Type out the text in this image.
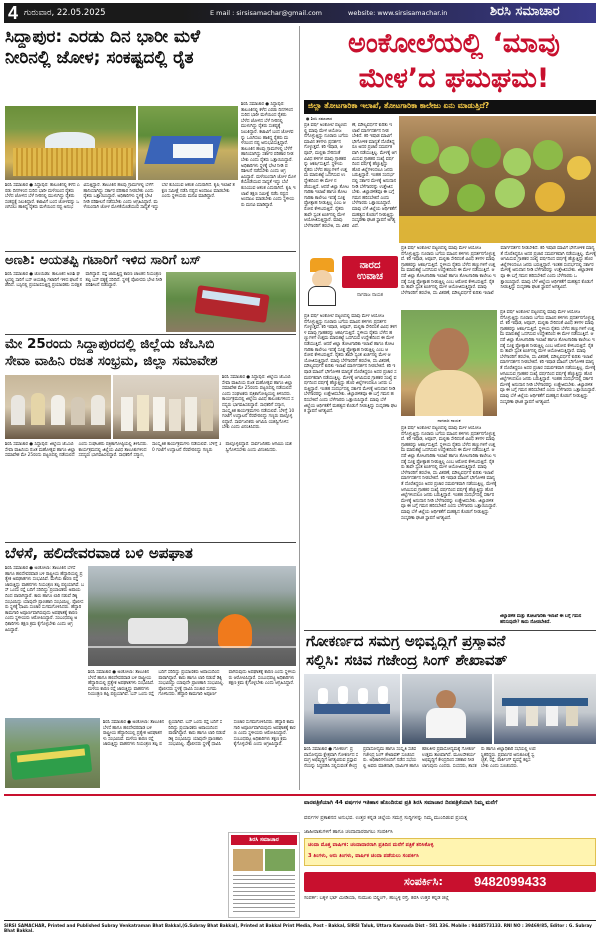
4 ಗುರುವಾರ, 22.05.2025	E mail : sirsisamachar@gmail.com	website: www.sirsisamachar.in	ಶಿರಸಿ ಸಮಾಚಾರ
ಸಿದ್ದಾಪುರ: ಎರಡು ದಿನ ಭಾರೀ ಮಳೆ
ನೀರಿನಲ್ಲಿ ಜೋಳ; ಸಂಕಷ್ಟದಲ್ಲಿ ರೈತ
ಶಿರಸಿ ಸಮಾಚಾರ ● ಸಿದ್ದಾಪುರ: ತಾಲೂಕಿನಲ್ಲಿ ಕಳೆದ ಎರಡು ದಿನಗಳಿಂದ ಸುರಿದ ಭಾರೀ ಮಳೆಯಿಂದ ರೈತರು ಬೆಳೆದ ಜೋಳದ ಬೆಳೆ ನೀರಿನಲ್ಲಿ ಮುಳುಗಿದ್ದು ರೈತರು ಸಂಕಷ್ಟಕ್ಕೆ ಸಿಲುಕಿದ್ದಾರೆ. ಕಟಾವಿಗೆ ಬಂದ ಜೋಳವನ್ನು ಒಣಗಿಸಲು ಹಾಕಿದ್ದ ರೈತರು ಮಳೆಯಿಂದ ನಷ್ಟ ಅನುಭವಿಸುತ್ತಿದ್ದಾರೆ. ತಾಲೂಕಿನ ಹಲವು ಗ್ರಾಮಗಳಲ್ಲಿ ಬೆಳೆಗೆ ಹಾನಿಯಾಗಿದ್ದು ಸರ್ಕಾರ ಪರಿಹಾರ ನೀಡಬೇಕು ಎಂದು ರೈತರು ಒತ್ತಾಯಿಸಿದ್ದಾರೆ. ಅಧಿಕಾರಿಗಳು ಸ್ಥಳಕ್ಕೆ ಭೇಟಿ ನೀಡಿ ಪರಿಶೀಲನೆ ನಡೆಸಬೇಕು ಎಂದು ಆಗ್ರಹಿಸಿದ್ದಾರೆ. ಮಳೆಯಿಂದಾಗಿ ಜೋಳ ಮೊಳಕೆಯೊಡೆಯುವ ಸಾಧ್ಯತೆ ಇದ್ದು ಬೆಲೆ ಕುಸಿಯುವ ಆತಂಕ ಎದುರಾಗಿದೆ. ಕೃಷಿ ಇಲಾಖೆ ತಕ್ಷಣ ಸಮೀಕ್ಷೆ ನಡೆಸಿ ನಷ್ಟದ ಅಂದಾಜು ಮಾಡಬೇಕು ಎಂದು ಸ್ಥಳೀಯರು ಮನವಿ ಮಾಡಿದ್ದಾರೆ.
ಶಿರಸಿ ಸಮಾಚಾರ ● ಸಿದ್ದಾಪುರ: ತಾಲೂಕಿನಲ್ಲಿ ಕಳೆದ ಎರಡು ದಿನಗಳಿಂದ ಸುರಿದ ಭಾರೀ ಮಳೆಯಿಂದ ರೈತರು ಬೆಳೆದ ಜೋಳದ ಬೆಳೆ ನೀರಿನಲ್ಲಿ ಮುಳುಗಿದ್ದು ರೈತರು ಸಂಕಷ್ಟಕ್ಕೆ ಸಿಲುಕಿದ್ದಾರೆ. ಕಟಾವಿಗೆ ಬಂದ ಜೋಳವನ್ನು ಒಣಗಿಸಲು ಹಾಕಿದ್ದ ರೈತರು ಮಳೆಯಿಂದ ನಷ್ಟ ಅನುಭವಿಸುತ್ತಿದ್ದಾರೆ. ತಾಲೂಕಿನ ಹಲವು ಗ್ರಾಮಗಳಲ್ಲಿ ಬೆಳೆಗೆ ಹಾನಿಯಾಗಿದ್ದು ಸರ್ಕಾರ ಪರಿಹಾರ ನೀಡಬೇಕು ಎಂದು ರೈತರು ಒತ್ತಾಯಿಸಿದ್ದಾರೆ. ಅಧಿಕಾರಿಗಳು ಸ್ಥಳಕ್ಕೆ ಭೇಟಿ ನೀಡಿ ಪರಿಶೀಲನೆ ನಡೆಸಬೇಕು ಎಂದು ಆಗ್ರಹಿಸಿದ್ದಾರೆ. ಮಳೆಯಿಂದಾಗಿ ಜೋಳ ಮೊಳಕೆಯೊಡೆಯುವ ಸಾಧ್ಯತೆ ಇದ್ದು ಬೆಲೆ ಕುಸಿಯುವ ಆತಂಕ ಎದುರಾಗಿದೆ. ಕೃಷಿ ಇಲಾಖೆ ತಕ್ಷಣ ಸಮೀಕ್ಷೆ ನಡೆಸಿ ನಷ್ಟದ ಅಂದಾಜು ಮಾಡಬೇಕು ಎಂದು ಸ್ಥಳೀಯರು ಮನವಿ ಮಾಡಿದ್ದಾರೆ.
ಅಣಶಿ: ಆಯತಪ್ಪಿ ಗಟಾರಿಗೆ ಇಳಿದ ಸಾರಿಗೆ ಬಸ್
ಶಿರಸಿ ಸಮಾಚಾರ ● ಜೊಯಿಡಾ: ತಾಲೂಕಿನ ಅಣಶಿ ಘಟ್ಟದಲ್ಲಿ ಸಾರಿಗೆ ಬಸ್ ಆಯತಪ್ಪಿ ಗಟಾರಿಗೆ ಇಳಿದ ಘಟನೆ ನಡೆದಿದೆ. ಬಸ್ಸಿನಲ್ಲಿ ಪ್ರಯಾಣಿಸುತ್ತಿದ್ದ ಪ್ರಯಾಣಿಕರು ಸುರಕ್ಷಿತವಾಗಿದ್ದಾರೆ. ರಸ್ತೆ ಜಾರುತ್ತಿದ್ದ ಕಾರಣ ಚಾಲಕನ ನಿಯಂತ್ರಣ ತಪ್ಪಿ ಬಸ್ ಪಕ್ಕಕ್ಕೆ ಸರಿದಿದೆ. ಸ್ಥಳಕ್ಕೆ ಪೊಲೀಸರು ಭೇಟಿ ನೀಡಿ ಪರಿಶೀಲನೆ ನಡೆಸಿದ್ದಾರೆ.
ಮೇ 25ರಂದು ಸಿದ್ದಾಪುರದಲ್ಲಿ ಜಿಲ್ಲೆಯ ಜೆಒಸಿಬಿ
ಸೇವಾ ವಾಹಿನಿ ರಜತ ಸಂಭ್ರಮ, ಜಿಲ್ಲಾ ಸಮಾವೇಶ
ಶಿರಸಿ ಸಮಾಚಾರ ● ಸಿದ್ದಾಪುರ: ಜಿಲ್ಲೆಯ ಜೆಒಸಿಬಿ ಸೇವಾ ವಾಹಿನಿಯ ರಜತ ಮಹೋತ್ಸವ ಹಾಗೂ ಜಿಲ್ಲಾ ಸಮಾವೇಶ ಮೇ 25ರಂದು ಪಟ್ಟಣದಲ್ಲಿ ನಡೆಯಲಿದೆ ಎಂದು ಸಂಘಟಕರು ಪತ್ರಿಕಾಗೋಷ್ಠಿಯಲ್ಲಿ ತಿಳಿಸಿದರು. ಕಾರ್ಯಕ್ರಮದಲ್ಲಿ ಜಿಲ್ಲೆಯ ವಿವಿಧ ತಾಲೂಕುಗಳಿಂದ ಸದಸ್ಯರು ಭಾಗವಹಿಸಲಿದ್ದಾರೆ. ಸಾಧಕರಿಗೆ ಸನ್ಮಾನ, ಸಾಂಸ್ಕೃತಿಕ ಕಾರ್ಯಕ್ರಮಗಳು ನಡೆಯಲಿವೆ. ಬೆಳಿಗ್ಗೆ 10 ಗಂಟೆಗೆ ಉದ್ಘಾಟನೆ ನೆರವೇರಲಿದ್ದು ಗಣ್ಯರು ಪಾಲ್ಗೊಳ್ಳಲಿದ್ದಾರೆ. ಸಾರ್ವಜನಿಕರು ಆಗಮಿಸಿ ಯಶಸ್ವಿಗೊಳಿಸಬೇಕು ಎಂದು ವಿನಂತಿಸಿದರು.
ಶಿರಸಿ ಸಮಾಚಾರ ● ಸಿದ್ದಾಪುರ: ಜಿಲ್ಲೆಯ ಜೆಒಸಿಬಿ ಸೇವಾ ವಾಹಿನಿಯ ರಜತ ಮಹೋತ್ಸವ ಹಾಗೂ ಜಿಲ್ಲಾ ಸಮಾವೇಶ ಮೇ 25ರಂದು ಪಟ್ಟಣದಲ್ಲಿ ನಡೆಯಲಿದೆ ಎಂದು ಸಂಘಟಕರು ಪತ್ರಿಕಾಗೋಷ್ಠಿಯಲ್ಲಿ ತಿಳಿಸಿದರು. ಕಾರ್ಯಕ್ರಮದಲ್ಲಿ ಜಿಲ್ಲೆಯ ವಿವಿಧ ತಾಲೂಕುಗಳಿಂದ ಸದಸ್ಯರು ಭಾಗವಹಿಸಲಿದ್ದಾರೆ. ಸಾಧಕರಿಗೆ ಸನ್ಮಾನ, ಸಾಂಸ್ಕೃತಿಕ ಕಾರ್ಯಕ್ರಮಗಳು ನಡೆಯಲಿವೆ. ಬೆಳಿಗ್ಗೆ 10 ಗಂಟೆಗೆ ಉದ್ಘಾಟನೆ ನೆರವೇರಲಿದ್ದು ಗಣ್ಯರು ಪಾಲ್ಗೊಳ್ಳಲಿದ್ದಾರೆ. ಸಾರ್ವಜನಿಕರು ಆಗಮಿಸಿ ಯಶಸ್ವಿಗೊಳಿಸಬೇಕು ಎಂದು ವಿನಂತಿಸಿದರು.
ಬೆಳಸೆ, ಹಲಿದೇವರವಾಡ ಬಳಿ ಅಪಘಾತ
ಶಿರಸಿ ಸಮಾಚಾರ ● ಅಂಕೋಲಾ: ತಾಲೂಕಿನ ಬೆಳಸೆ ಹಾಗೂ ಹಲಿದೇವರವಾಡ ಬಳಿ ರಾಷ್ಟ್ರೀಯ ಹೆದ್ದಾರಿಯಲ್ಲಿ ಪ್ರತ್ಯೇಕ ಅಪಘಾತಗಳು ಸಂಭವಿಸಿವೆ. ಮಳೆಯ ಕಾರಣ ರಸ್ತೆ ಜಾರುತ್ತಿದ್ದು ವಾಹನಗಳು ನಿಯಂತ್ರಣ ತಪ್ಪಿ ಪಲ್ಟಿಯಾಗಿವೆ. ಬಸ್ ಒಂದು ರಸ್ತೆ ಬದಿಗೆ ಸರಿದಿದ್ದು ಪ್ರಯಾಣಿಕರು ಅಪಾಯದಿಂದ ಪಾರಾಗಿದ್ದಾರೆ. ಕಾರು ಹಾಗೂ ಲಾರಿ ನಡುವೆ ಡಿಕ್ಕಿ ಸಂಭವಿಸಿದ್ದು ಯಾವುದೇ ಪ್ರಾಣಹಾನಿ ಸಂಭವಿಸಿಲ್ಲ. ಪೊಲೀಸರು ಸ್ಥಳಕ್ಕೆ ಧಾವಿಸಿ ಸಂಚಾರ ಸುಗಮಗೊಳಿಸಿದರು. ಹೆದ್ದಾರಿ ಕಾಮಗಾರಿ ಅಪೂರ್ಣವಾಗಿರುವುದು ಅಪಘಾತಕ್ಕೆ ಕಾರಣ ಎಂದು ಸ್ಥಳೀಯರು ಆರೋಪಿಸಿದ್ದಾರೆ. ಸಂಬಂಧಪಟ್ಟ ಅಧಿಕಾರಿಗಳು ತಕ್ಷಣ ಕ್ರಮ ಕೈಗೊಳ್ಳಬೇಕು ಎಂದು ಆಗ್ರಹಿಸಿದ್ದಾರೆ.
ಶಿರಸಿ ಸಮಾಚಾರ ● ಅಂಕೋಲಾ: ತಾಲೂಕಿನ ಬೆಳಸೆ ಹಾಗೂ ಹಲಿದೇವರವಾಡ ಬಳಿ ರಾಷ್ಟ್ರೀಯ ಹೆದ್ದಾರಿಯಲ್ಲಿ ಪ್ರತ್ಯೇಕ ಅಪಘಾತಗಳು ಸಂಭವಿಸಿವೆ. ಮಳೆಯ ಕಾರಣ ರಸ್ತೆ ಜಾರುತ್ತಿದ್ದು ವಾಹನಗಳು ನಿಯಂತ್ರಣ ತಪ್ಪಿ ಪಲ್ಟಿಯಾಗಿವೆ. ಬಸ್ ಒಂದು ರಸ್ತೆ ಬದಿಗೆ ಸರಿದಿದ್ದು ಪ್ರಯಾಣಿಕರು ಅಪಾಯದಿಂದ ಪಾರಾಗಿದ್ದಾರೆ. ಕಾರು ಹಾಗೂ ಲಾರಿ ನಡುವೆ ಡಿಕ್ಕಿ ಸಂಭವಿಸಿದ್ದು ಯಾವುದೇ ಪ್ರಾಣಹಾನಿ ಸಂಭವಿಸಿಲ್ಲ. ಪೊಲೀಸರು ಸ್ಥಳಕ್ಕೆ ಧಾವಿಸಿ ಸಂಚಾರ ಸುಗಮಗೊಳಿಸಿದರು. ಹೆದ್ದಾರಿ ಕಾಮಗಾರಿ ಅಪೂರ್ಣವಾಗಿರುವುದು ಅಪಘಾತಕ್ಕೆ ಕಾರಣ ಎಂದು ಸ್ಥಳೀಯರು ಆರೋಪಿಸಿದ್ದಾರೆ. ಸಂಬಂಧಪಟ್ಟ ಅಧಿಕಾರಿಗಳು ತಕ್ಷಣ ಕ್ರಮ ಕೈಗೊಳ್ಳಬೇಕು ಎಂದು ಆಗ್ರಹಿಸಿದ್ದಾರೆ.
ಶಿರಸಿ ಸಮಾಚಾರ ● ಅಂಕೋಲಾ: ತಾಲೂಕಿನ ಬೆಳಸೆ ಹಾಗೂ ಹಲಿದೇವರವಾಡ ಬಳಿ ರಾಷ್ಟ್ರೀಯ ಹೆದ್ದಾರಿಯಲ್ಲಿ ಪ್ರತ್ಯೇಕ ಅಪಘಾತಗಳು ಸಂಭವಿಸಿವೆ. ಮಳೆಯ ಕಾರಣ ರಸ್ತೆ ಜಾರುತ್ತಿದ್ದು ವಾಹನಗಳು ನಿಯಂತ್ರಣ ತಪ್ಪಿ ಪಲ್ಟಿಯಾಗಿವೆ. ಬಸ್ ಒಂದು ರಸ್ತೆ ಬದಿಗೆ ಸರಿದಿದ್ದು ಪ್ರಯಾಣಿಕರು ಅಪಾಯದಿಂದ ಪಾರಾಗಿದ್ದಾರೆ. ಕಾರು ಹಾಗೂ ಲಾರಿ ನಡುವೆ ಡಿಕ್ಕಿ ಸಂಭವಿಸಿದ್ದು ಯಾವುದೇ ಪ್ರಾಣಹಾನಿ ಸಂಭವಿಸಿಲ್ಲ. ಪೊಲೀಸರು ಸ್ಥಳಕ್ಕೆ ಧಾವಿಸಿ ಸಂಚಾರ ಸುಗಮಗೊಳಿಸಿದರು. ಹೆದ್ದಾರಿ ಕಾಮಗಾರಿ ಅಪೂರ್ಣವಾಗಿರುವುದು ಅಪಘಾತಕ್ಕೆ ಕಾರಣ ಎಂದು ಸ್ಥಳೀಯರು ಆರೋಪಿಸಿದ್ದಾರೆ. ಸಂಬಂಧಪಟ್ಟ ಅಧಿಕಾರಿಗಳು ತಕ್ಷಣ ಕ್ರಮ ಕೈಗೊಳ್ಳಬೇಕು ಎಂದು ಆಗ್ರಹಿಸಿದ್ದಾರೆ.
ಅಂಕೋಲೆಯಲ್ಲಿ ‘ಮಾವು
ಮೇಳ’ದ ಘಮಘಮ!
ಜಿಲ್ಲಾ ತೋಟಗಾರಿಕಾ ಇಲಾಖೆ, ತೋಟಗಾರಿಕಾ ಕಾಲೇಜು ಏನು ಮಾಡುತ್ತಿದೆ?
● ಶಿರಸಿ ಸಮಾಚಾರ
ಪ್ರತಿ ವರ್ಷ ಅಂಕೋಲೆ ಪಟ್ಟಣದಲ್ಲಿ ಮಾವು ಮೇಳ ಆಯೋಜನೆಗೊಳ್ಳುತ್ತಿದ್ದು ನೂರಾರು ಬಗೆಯ ಮಾವಿನ ತಳಿಗಳು ಪ್ರದರ್ಶನಗೊಳ್ಳುತ್ತವೆ. ಕರಿ ಇಷಾಡ, ಆಪೂಸ್, ಮಲ್ಲಿಕಾ ಸೇರಿದಂತೆ ವಿವಿಧ ತಳಿಗಳ ಮಾವು ಗ್ರಾಹಕರನ್ನು ಆಕರ್ಷಿಸುತ್ತಿದೆ. ಸ್ಥಳೀಯ ರೈತರು ಬೆಳೆದ ಹಣ್ಣುಗಳಿಗೆ ಉತ್ತಮ ಮಾರುಕಟ್ಟೆ ಒದಗಿಸುವ ಉದ್ದೇಶದಿಂದ ಈ ಮೇಳ ನಡೆಯುತ್ತಿದೆ. ಆದರೆ ಜಿಲ್ಲಾ ತೋಟಗಾರಿಕಾ ಇಲಾಖೆ ಹಾಗೂ ತೋಟಗಾರಿಕಾ ಕಾಲೇಜು ಇದಕ್ಕೆ ಸೂಕ್ತ ಪ್ರೋತ್ಸಾಹ ನೀಡುತ್ತಿಲ್ಲ ಎಂಬ ಆರೋಪ ಕೇಳಿಬರುತ್ತಿದೆ. ರೈತರು ತಾವೇ ಸ್ವಂತ ಖರ್ಚಿನಲ್ಲಿ ಮೇಳ ಆಯೋಜಿಸುತ್ತಿದ್ದಾರೆ. ಮಾವು ಬೆಳೆಗಾರರಿಗೆ ತರಬೇತಿ, ಸಸಿ ವಿತರಣೆ, ಮೌಲ್ಯವರ್ಧನೆ ಕುರಿತು ಇಲಾಖೆ ಮಾರ್ಗದರ್ಶನ ನೀಡಬೇಕಿದೆ. ಕರಿ ಇಷಾಡ ಮಾವಿಗೆ ಭೌಗೋಳಿಕ ಮಾನ್ಯತೆ ದೊರೆತಿದ್ದರೂ ಅದರ ಪ್ರಚಾರ ಸಮರ್ಪಕವಾಗಿ ನಡೆಯುತ್ತಿಲ್ಲ. ಮೇಳಕ್ಕೆ ಆಗಮಿಸುವ ಗ್ರಾಹಕರ ಸಂಖ್ಯೆ ವರ್ಷದಿಂದ ವರ್ಷಕ್ಕೆ ಹೆಚ್ಚುತ್ತಿದ್ದು ಹೊರ ಜಿಲ್ಲೆಗಳಿಂದಲೂ ಜನರು ಬರುತ್ತಿದ್ದಾರೆ. ಇಂತಹ ಸಂದರ್ಭದಲ್ಲಿ ಸರ್ಕಾರ ಮೇಳಕ್ಕೆ ಅನುದಾನ ನೀಡಿ ಬೆಳೆಗಾರರನ್ನು ಉತ್ತೇಜಿಸಬೇಕು. ಜಿಲ್ಲಾಡಳಿತವೂ ಈ ಬಗ್ಗೆ ಗಮನ ಹರಿಸಬೇಕಿದೆ ಎಂದು ಬೆಳೆಗಾರರು ಒತ್ತಾಯಿಸಿದ್ದಾರೆ. ಮಾವು ಬೆಳೆ ಜಿಲ್ಲೆಯ ಆರ್ಥಿಕತೆಗೆ ಮಹತ್ವದ ಕೊಡುಗೆ ನೀಡುತ್ತಿದ್ದು ಸಂಸ್ಕರಣಾ ಘಟಕ ಸ್ಥಾಪನೆ ಅಗತ್ಯವಿದೆ.
ನಾರದ ಉವಾಚ
ನಾಗರಾಜ ನಾಯಕ
ಪ್ರತಿ ವರ್ಷ ಅಂಕೋಲೆ ಪಟ್ಟಣದಲ್ಲಿ ಮಾವು ಮೇಳ ಆಯೋಜನೆಗೊಳ್ಳುತ್ತಿದ್ದು ನೂರಾರು ಬಗೆಯ ಮಾವಿನ ತಳಿಗಳು ಪ್ರದರ್ಶನಗೊಳ್ಳುತ್ತವೆ. ಕರಿ ಇಷಾಡ, ಆಪೂಸ್, ಮಲ್ಲಿಕಾ ಸೇರಿದಂತೆ ವಿವಿಧ ತಳಿಗಳ ಮಾವು ಗ್ರಾಹಕರನ್ನು ಆಕರ್ಷಿಸುತ್ತಿದೆ. ಸ್ಥಳೀಯ ರೈತರು ಬೆಳೆದ ಹಣ್ಣುಗಳಿಗೆ ಉತ್ತಮ ಮಾರುಕಟ್ಟೆ ಒದಗಿಸುವ ಉದ್ದೇಶದಿಂದ ಈ ಮೇಳ ನಡೆಯುತ್ತಿದೆ. ಆದರೆ ಜಿಲ್ಲಾ ತೋಟಗಾರಿಕಾ ಇಲಾಖೆ ಹಾಗೂ ತೋಟಗಾರಿಕಾ ಕಾಲೇಜು ಇದಕ್ಕೆ ಸೂಕ್ತ ಪ್ರೋತ್ಸಾಹ ನೀಡುತ್ತಿಲ್ಲ ಎಂಬ ಆರೋಪ ಕೇಳಿಬರುತ್ತಿದೆ. ರೈತರು ತಾವೇ ಸ್ವಂತ ಖರ್ಚಿನಲ್ಲಿ ಮೇಳ ಆಯೋಜಿಸುತ್ತಿದ್ದಾರೆ. ಮಾವು ಬೆಳೆಗಾರರಿಗೆ ತರಬೇತಿ, ಸಸಿ ವಿತರಣೆ, ಮೌಲ್ಯವರ್ಧನೆ ಕುರಿತು ಇಲಾಖೆ ಮಾರ್ಗದರ್ಶನ ನೀಡಬೇಕಿದೆ. ಕರಿ ಇಷಾಡ ಮಾವಿಗೆ ಭೌಗೋಳಿಕ ಮಾನ್ಯತೆ ದೊರೆತಿದ್ದರೂ ಅದರ ಪ್ರಚಾರ ಸಮರ್ಪಕವಾಗಿ ನಡೆಯುತ್ತಿಲ್ಲ. ಮೇಳಕ್ಕೆ ಆಗಮಿಸುವ ಗ್ರಾಹಕರ ಸಂಖ್ಯೆ ವರ್ಷದಿಂದ ವರ್ಷಕ್ಕೆ ಹೆಚ್ಚುತ್ತಿದ್ದು ಹೊರ ಜಿಲ್ಲೆಗಳಿಂದಲೂ ಜನರು ಬರುತ್ತಿದ್ದಾರೆ. ಇಂತಹ ಸಂದರ್ಭದಲ್ಲಿ ಸರ್ಕಾರ ಮೇಳಕ್ಕೆ ಅನುದಾನ ನೀಡಿ ಬೆಳೆಗಾರರನ್ನು ಉತ್ತೇಜಿಸಬೇಕು. ಜಿಲ್ಲಾಡಳಿತವೂ ಈ ಬಗ್ಗೆ ಗಮನ ಹರಿಸಬೇಕಿದೆ ಎಂದು ಬೆಳೆಗಾರರು ಒತ್ತಾಯಿಸಿದ್ದಾರೆ. ಮಾವು ಬೆಳೆ ಜಿಲ್ಲೆಯ ಆರ್ಥಿಕತೆಗೆ ಮಹತ್ವದ ಕೊಡುಗೆ ನೀಡುತ್ತಿದ್ದು ಸಂಸ್ಕರಣಾ ಘಟಕ ಸ್ಥಾಪನೆ ಅಗತ್ಯವಿದೆ.
ಪ್ರತಿ ವರ್ಷ ಅಂಕೋಲೆ ಪಟ್ಟಣದಲ್ಲಿ ಮಾವು ಮೇಳ ಆಯೋಜನೆಗೊಳ್ಳುತ್ತಿದ್ದು ನೂರಾರು ಬಗೆಯ ಮಾವಿನ ತಳಿಗಳು ಪ್ರದರ್ಶನಗೊಳ್ಳುತ್ತವೆ. ಕರಿ ಇಷಾಡ, ಆಪೂಸ್, ಮಲ್ಲಿಕಾ ಸೇರಿದಂತೆ ವಿವಿಧ ತಳಿಗಳ ಮಾವು ಗ್ರಾಹಕರನ್ನು ಆಕರ್ಷಿಸುತ್ತಿದೆ. ಸ್ಥಳೀಯ ರೈತರು ಬೆಳೆದ ಹಣ್ಣುಗಳಿಗೆ ಉತ್ತಮ ಮಾರುಕಟ್ಟೆ ಒದಗಿಸುವ ಉದ್ದೇಶದಿಂದ ಈ ಮೇಳ ನಡೆಯುತ್ತಿದೆ. ಆದರೆ ಜಿಲ್ಲಾ ತೋಟಗಾರಿಕಾ ಇಲಾಖೆ ಹಾಗೂ ತೋಟಗಾರಿಕಾ ಕಾಲೇಜು ಇದಕ್ಕೆ ಸೂಕ್ತ ಪ್ರೋತ್ಸಾಹ ನೀಡುತ್ತಿಲ್ಲ ಎಂಬ ಆರೋಪ ಕೇಳಿಬರುತ್ತಿದೆ. ರೈತರು ತಾವೇ ಸ್ವಂತ ಖರ್ಚಿನಲ್ಲಿ ಮೇಳ ಆಯೋಜಿಸುತ್ತಿದ್ದಾರೆ. ಮಾವು ಬೆಳೆಗಾರರಿಗೆ ತರಬೇತಿ, ಸಸಿ ವಿತರಣೆ, ಮೌಲ್ಯವರ್ಧನೆ ಕುರಿತು ಇಲಾಖೆ ಮಾರ್ಗದರ್ಶನ ನೀಡಬೇಕಿದೆ. ಕರಿ ಇಷಾಡ ಮಾವಿಗೆ ಭೌಗೋಳಿಕ ಮಾನ್ಯತೆ ದೊರೆತಿದ್ದರೂ ಅದರ ಪ್ರಚಾರ ಸಮರ್ಪಕವಾಗಿ ನಡೆಯುತ್ತಿಲ್ಲ. ಮೇಳಕ್ಕೆ ಆಗಮಿಸುವ ಗ್ರಾಹಕರ ಸಂಖ್ಯೆ ವರ್ಷದಿಂದ ವರ್ಷಕ್ಕೆ ಹೆಚ್ಚುತ್ತಿದ್ದು ಹೊರ ಜಿಲ್ಲೆಗಳಿಂದಲೂ ಜನರು ಬರುತ್ತಿದ್ದಾರೆ. ಇಂತಹ ಸಂದರ್ಭದಲ್ಲಿ ಸರ್ಕಾರ ಮೇಳಕ್ಕೆ ಅನುದಾನ ನೀಡಿ ಬೆಳೆಗಾರರನ್ನು ಉತ್ತೇಜಿಸಬೇಕು. ಜಿಲ್ಲಾಡಳಿತವೂ ಈ ಬಗ್ಗೆ ಗಮನ ಹರಿಸಬೇಕಿದೆ ಎಂದು ಬೆಳೆಗಾರರು ಒತ್ತಾಯಿಸಿದ್ದಾರೆ. ಮಾವು ಬೆಳೆ ಜಿಲ್ಲೆಯ ಆರ್ಥಿಕತೆಗೆ ಮಹತ್ವದ ಕೊಡುಗೆ ನೀಡುತ್ತಿದ್ದು ಸಂಸ್ಕರಣಾ ಘಟಕ ಸ್ಥಾಪನೆ ಅಗತ್ಯವಿದೆ.
ನಾಗರಾಜ ನಾಯಕ
ಪ್ರತಿ ವರ್ಷ ಅಂಕೋಲೆ ಪಟ್ಟಣದಲ್ಲಿ ಮಾವು ಮೇಳ ಆಯೋಜನೆಗೊಳ್ಳುತ್ತಿದ್ದು ನೂರಾರು ಬಗೆಯ ಮಾವಿನ ತಳಿಗಳು ಪ್ರದರ್ಶನಗೊಳ್ಳುತ್ತವೆ. ಕರಿ ಇಷಾಡ, ಆಪೂಸ್, ಮಲ್ಲಿಕಾ ಸೇರಿದಂತೆ ವಿವಿಧ ತಳಿಗಳ ಮಾವು ಗ್ರಾಹಕರನ್ನು ಆಕರ್ಷಿಸುತ್ತಿದೆ. ಸ್ಥಳೀಯ ರೈತರು ಬೆಳೆದ ಹಣ್ಣುಗಳಿಗೆ ಉತ್ತಮ ಮಾರುಕಟ್ಟೆ ಒದಗಿಸುವ ಉದ್ದೇಶದಿಂದ ಈ ಮೇಳ ನಡೆಯುತ್ತಿದೆ. ಆದರೆ ಜಿಲ್ಲಾ ತೋಟಗಾರಿಕಾ ಇಲಾಖೆ ಹಾಗೂ ತೋಟಗಾರಿಕಾ ಕಾಲೇಜು ಇದಕ್ಕೆ ಸೂಕ್ತ ಪ್ರೋತ್ಸಾಹ ನೀಡುತ್ತಿಲ್ಲ ಎಂಬ ಆರೋಪ ಕೇಳಿಬರುತ್ತಿದೆ. ರೈತರು ತಾವೇ ಸ್ವಂತ ಖರ್ಚಿನಲ್ಲಿ ಮೇಳ ಆಯೋಜಿಸುತ್ತಿದ್ದಾರೆ. ಮಾವು ಬೆಳೆಗಾರರಿಗೆ ತರಬೇತಿ, ಸಸಿ ವಿತರಣೆ, ಮೌಲ್ಯವರ್ಧನೆ ಕುರಿತು ಇಲಾಖೆ ಮಾರ್ಗದರ್ಶನ ನೀಡಬೇಕಿದೆ. ಕರಿ ಇಷಾಡ ಮಾವಿಗೆ ಭೌಗೋಳಿಕ ಮಾನ್ಯತೆ ದೊರೆತಿದ್ದರೂ ಅದರ ಪ್ರಚಾರ ಸಮರ್ಪಕವಾಗಿ ನಡೆಯುತ್ತಿಲ್ಲ. ಮೇಳಕ್ಕೆ ಆಗಮಿಸುವ ಗ್ರಾಹಕರ ಸಂಖ್ಯೆ ವರ್ಷದಿಂದ ವರ್ಷಕ್ಕೆ ಹೆಚ್ಚುತ್ತಿದ್ದು ಹೊರ ಜಿಲ್ಲೆಗಳಿಂದಲೂ ಜನರು ಬರುತ್ತಿದ್ದಾರೆ. ಇಂತಹ ಸಂದರ್ಭದಲ್ಲಿ ಸರ್ಕಾರ ಮೇಳಕ್ಕೆ ಅನುದಾನ ನೀಡಿ ಬೆಳೆಗಾರರನ್ನು ಉತ್ತೇಜಿಸಬೇಕು. ಜಿಲ್ಲಾಡಳಿತವೂ ಈ ಬಗ್ಗೆ ಗಮನ ಹರಿಸಬೇಕಿದೆ ಎಂದು ಬೆಳೆಗಾರರು ಒತ್ತಾಯಿಸಿದ್ದಾರೆ. ಮಾವು ಬೆಳೆ ಜಿಲ್ಲೆಯ ಆರ್ಥಿಕತೆಗೆ ಮಹತ್ವದ ಕೊಡುಗೆ ನೀಡುತ್ತಿದ್ದು ಸಂಸ್ಕರಣಾ ಘಟಕ ಸ್ಥಾಪನೆ ಅಗತ್ಯವಿದೆ.
ಪ್ರತಿ ವರ್ಷ ಅಂಕೋಲೆ ಪಟ್ಟಣದಲ್ಲಿ ಮಾವು ಮೇಳ ಆಯೋಜನೆಗೊಳ್ಳುತ್ತಿದ್ದು ನೂರಾರು ಬಗೆಯ ಮಾವಿನ ತಳಿಗಳು ಪ್ರದರ್ಶನಗೊಳ್ಳುತ್ತವೆ. ಕರಿ ಇಷಾಡ, ಆಪೂಸ್, ಮಲ್ಲಿಕಾ ಸೇರಿದಂತೆ ವಿವಿಧ ತಳಿಗಳ ಮಾವು ಗ್ರಾಹಕರನ್ನು ಆಕರ್ಷಿಸುತ್ತಿದೆ. ಸ್ಥಳೀಯ ರೈತರು ಬೆಳೆದ ಹಣ್ಣುಗಳಿಗೆ ಉತ್ತಮ ಮಾರುಕಟ್ಟೆ ಒದಗಿಸುವ ಉದ್ದೇಶದಿಂದ ಈ ಮೇಳ ನಡೆಯುತ್ತಿದೆ. ಆದರೆ ಜಿಲ್ಲಾ ತೋಟಗಾರಿಕಾ ಇಲಾಖೆ ಹಾಗೂ ತೋಟಗಾರಿಕಾ ಕಾಲೇಜು ಇದಕ್ಕೆ ಸೂಕ್ತ ಪ್ರೋತ್ಸಾಹ ನೀಡುತ್ತಿಲ್ಲ ಎಂಬ ಆರೋಪ ಕೇಳಿಬರುತ್ತಿದೆ. ರೈತರು ತಾವೇ ಸ್ವಂತ ಖರ್ಚಿನಲ್ಲಿ ಮೇಳ ಆಯೋಜಿಸುತ್ತಿದ್ದಾರೆ. ಮಾವು ಬೆಳೆಗಾರರಿಗೆ ತರಬೇತಿ, ಸಸಿ ವಿತರಣೆ, ಮೌಲ್ಯವರ್ಧನೆ ಕುರಿತು ಇಲಾಖೆ ಮಾರ್ಗದರ್ಶನ ನೀಡಬೇಕಿದೆ. ಕರಿ ಇಷಾಡ ಮಾವಿಗೆ ಭೌಗೋಳಿಕ ಮಾನ್ಯತೆ ದೊರೆತಿದ್ದರೂ ಅದರ ಪ್ರಚಾರ ಸಮರ್ಪಕವಾಗಿ ನಡೆಯುತ್ತಿಲ್ಲ. ಮೇಳಕ್ಕೆ ಆಗಮಿಸುವ ಗ್ರಾಹಕರ ಸಂಖ್ಯೆ ವರ್ಷದಿಂದ ವರ್ಷಕ್ಕೆ ಹೆಚ್ಚುತ್ತಿದ್ದು ಹೊರ ಜಿಲ್ಲೆಗಳಿಂದಲೂ ಜನರು ಬರುತ್ತಿದ್ದಾರೆ. ಇಂತಹ ಸಂದರ್ಭದಲ್ಲಿ ಸರ್ಕಾರ ಮೇಳಕ್ಕೆ ಅನುದಾನ ನೀಡಿ ಬೆಳೆಗಾರರನ್ನು ಉತ್ತೇಜಿಸಬೇಕು. ಜಿಲ್ಲಾಡಳಿತವೂ ಈ ಬಗ್ಗೆ ಗಮನ ಹರಿಸಬೇಕಿದೆ ಎಂದು ಬೆಳೆಗಾರರು ಒತ್ತಾಯಿಸಿದ್ದಾರೆ. ಮಾವು ಬೆಳೆ ಜಿಲ್ಲೆಯ ಆರ್ಥಿಕತೆಗೆ ಮಹತ್ವದ ಕೊಡುಗೆ ನೀಡುತ್ತಿದ್ದು ಸಂಸ್ಕರಣಾ ಘಟಕ ಸ್ಥಾಪನೆ ಅಗತ್ಯವಿದೆ.
ಜಿಲ್ಲಾಡಳಿತ ಮತ್ತು ತೋಟಗಾರಿಕಾ ಇಲಾಖೆ ಈ ಬಗ್ಗೆ ಗಮನ ಹರಿಸುವುದೇ? ಕಾದು ನೋಡಬೇಕಿದೆ.
ಗೋಕರ್ಣದ ಸಮಗ್ರ ಅಭಿವೃದ್ಧಿಗೆ ಪ್ರಸ್ತಾವನೆ
ಸಲ್ಲಿಸಿ: ಸಚಿವ ಗಜೇಂದ್ರ ಸಿಂಗ್ ಶೇಖಾವತ್
ಶಿರಸಿ ಸಮಾಚಾರ ● ಗೋಕರ್ಣ: ಪ್ರವಾಸೋದ್ಯಮ ಕ್ಷೇತ್ರವಾಗಿ ಗೋಕರ್ಣದ ಸಮಗ್ರ ಅಭಿವೃದ್ಧಿಗೆ ಅಗತ್ಯವಿರುವ ಪ್ರಸ್ತಾವನೆಯನ್ನು ಸಿದ್ಧಪಡಿಸಿ ಸಲ್ಲಿಸುವಂತೆ ಕೇಂದ್ರ ಪ್ರವಾಸೋದ್ಯಮ ಹಾಗೂ ಸಂಸ್ಕೃತಿ ಸಚಿವ ಗಜೇಂದ್ರ ಸಿಂಗ್ ಶೇಖಾವತ್ ಸೂಚಿಸಿದರು. ಅಧಿಕಾರಿಗಳೊಂದಿಗೆ ನಡೆದ ಸಭೆಯಲ್ಲಿ ಅವರು ಮಾತನಾಡಿ, ಧಾರ್ಮಿಕ ಹಾಗೂ ಕಡಲತೀರ ಪ್ರವಾಸೋದ್ಯಮಕ್ಕೆ ಗೋಕರ್ಣ ಉತ್ತಮ ತಾಣವಾಗಿದೆ. ಮೂಲಸೌಕರ್ಯ ಅಭಿವೃದ್ಧಿಗೆ ಕೇಂದ್ರದಿಂದ ಸಹಕಾರ ನೀಡಲಾಗುವುದು ಎಂದರು. ಸಂಸದರು, ಶಾಸಕರು ಹಾಗೂ ಜಿಲ್ಲಾಧಿಕಾರಿ ಸಭೆಯಲ್ಲಿ ಉಪಸ್ಥಿತರಿದ್ದರು. ಪ್ರವಾಸಿಗರ ಅನುಕೂಲಕ್ಕೆ ಸ್ವಚ್ಛತೆ, ರಸ್ತೆ, ಪಾರ್ಕಿಂಗ್ ವ್ಯವಸ್ಥೆ ಕಲ್ಪಿಸಬೇಕು ಎಂದು ಸೂಚಿಸಿದರು.
ಶಿರಸಿ ಸಮಾಚಾರ
ವಾರಪತ್ರಿಕೆಯಾಗಿ 44 ವರ್ಷಗಳ ಇತಿಹಾಸ ಹೊಂದಿರುವ ಪ್ರತಿ ಶಿರಸಿ ಸಮಾಚಾರ ದಿನಪತ್ರಿಕೆಯಾಗಿ ನಿಮ್ಮ ಮನೆಗೆ
ವರ್ಷಗಳ ಪ್ರಕಾಶನದ ಅನುಭವ. ಉತ್ತರ ಕನ್ನಡ ಜಿಲ್ಲೆಯ ಸಮಗ್ರ ಸುದ್ದಿಗಳನ್ನು ನಿಮ್ಮ ಮುಂದಿಡುವ ಪ್ರಯತ್ನ
ಜಾಹೀರಾತುಗಳಿಗೆ ಹಾಗೂ ಚಂದಾದಾರರಾಗಲು ಸಂಪರ್ಕಿಸಿ
ಚಂದಾ ಮೊತ್ತ ವಾರ್ಷಿಕ: ಚಂದಾದಾರರಾಗಿ ಪ್ರತಿದಿನ ಮನೆಗೆ ಪತ್ರಿಕೆ ತರಿಸಿಕೊಳ್ಳಿ
3 ತಿಂಗಳು, ಆರು ತಿಂಗಳು, ವಾರ್ಷಿಕ ಚಂದಾ ಪಡೆಯಲು ಸಂಪರ್ಕಿಸಿ
ಸಂಪರ್ಕಿಸಿ: 9482099433
ಸಂಪರ್ಕ: ಬಕ್ಕಳ ಭಟ್ ಮೀಡಿಯಾ, ಸುಮುಖ ಬಿಲ್ಡಿಂಗ್, ಹುಬ್ಬಳ್ಳಿ ರಸ್ತೆ, ಶಿರಸಿ ಉತ್ತರ ಕನ್ನಡ ಜಿಲ್ಲೆ
SIRSI SAMACHAR, Printed and Published Subray Venkatraman Bhat Bakkal,(G.Subray Bhat Bakkal), Printed at Bakkal Print Media, Post - Bakkal, SIRSI Taluk, Uttara Kannada Dist - 581 336. Mobile : 9448573133. RNI NO : 39469/85, Editor : G. Subray Bhat Bakkal.
